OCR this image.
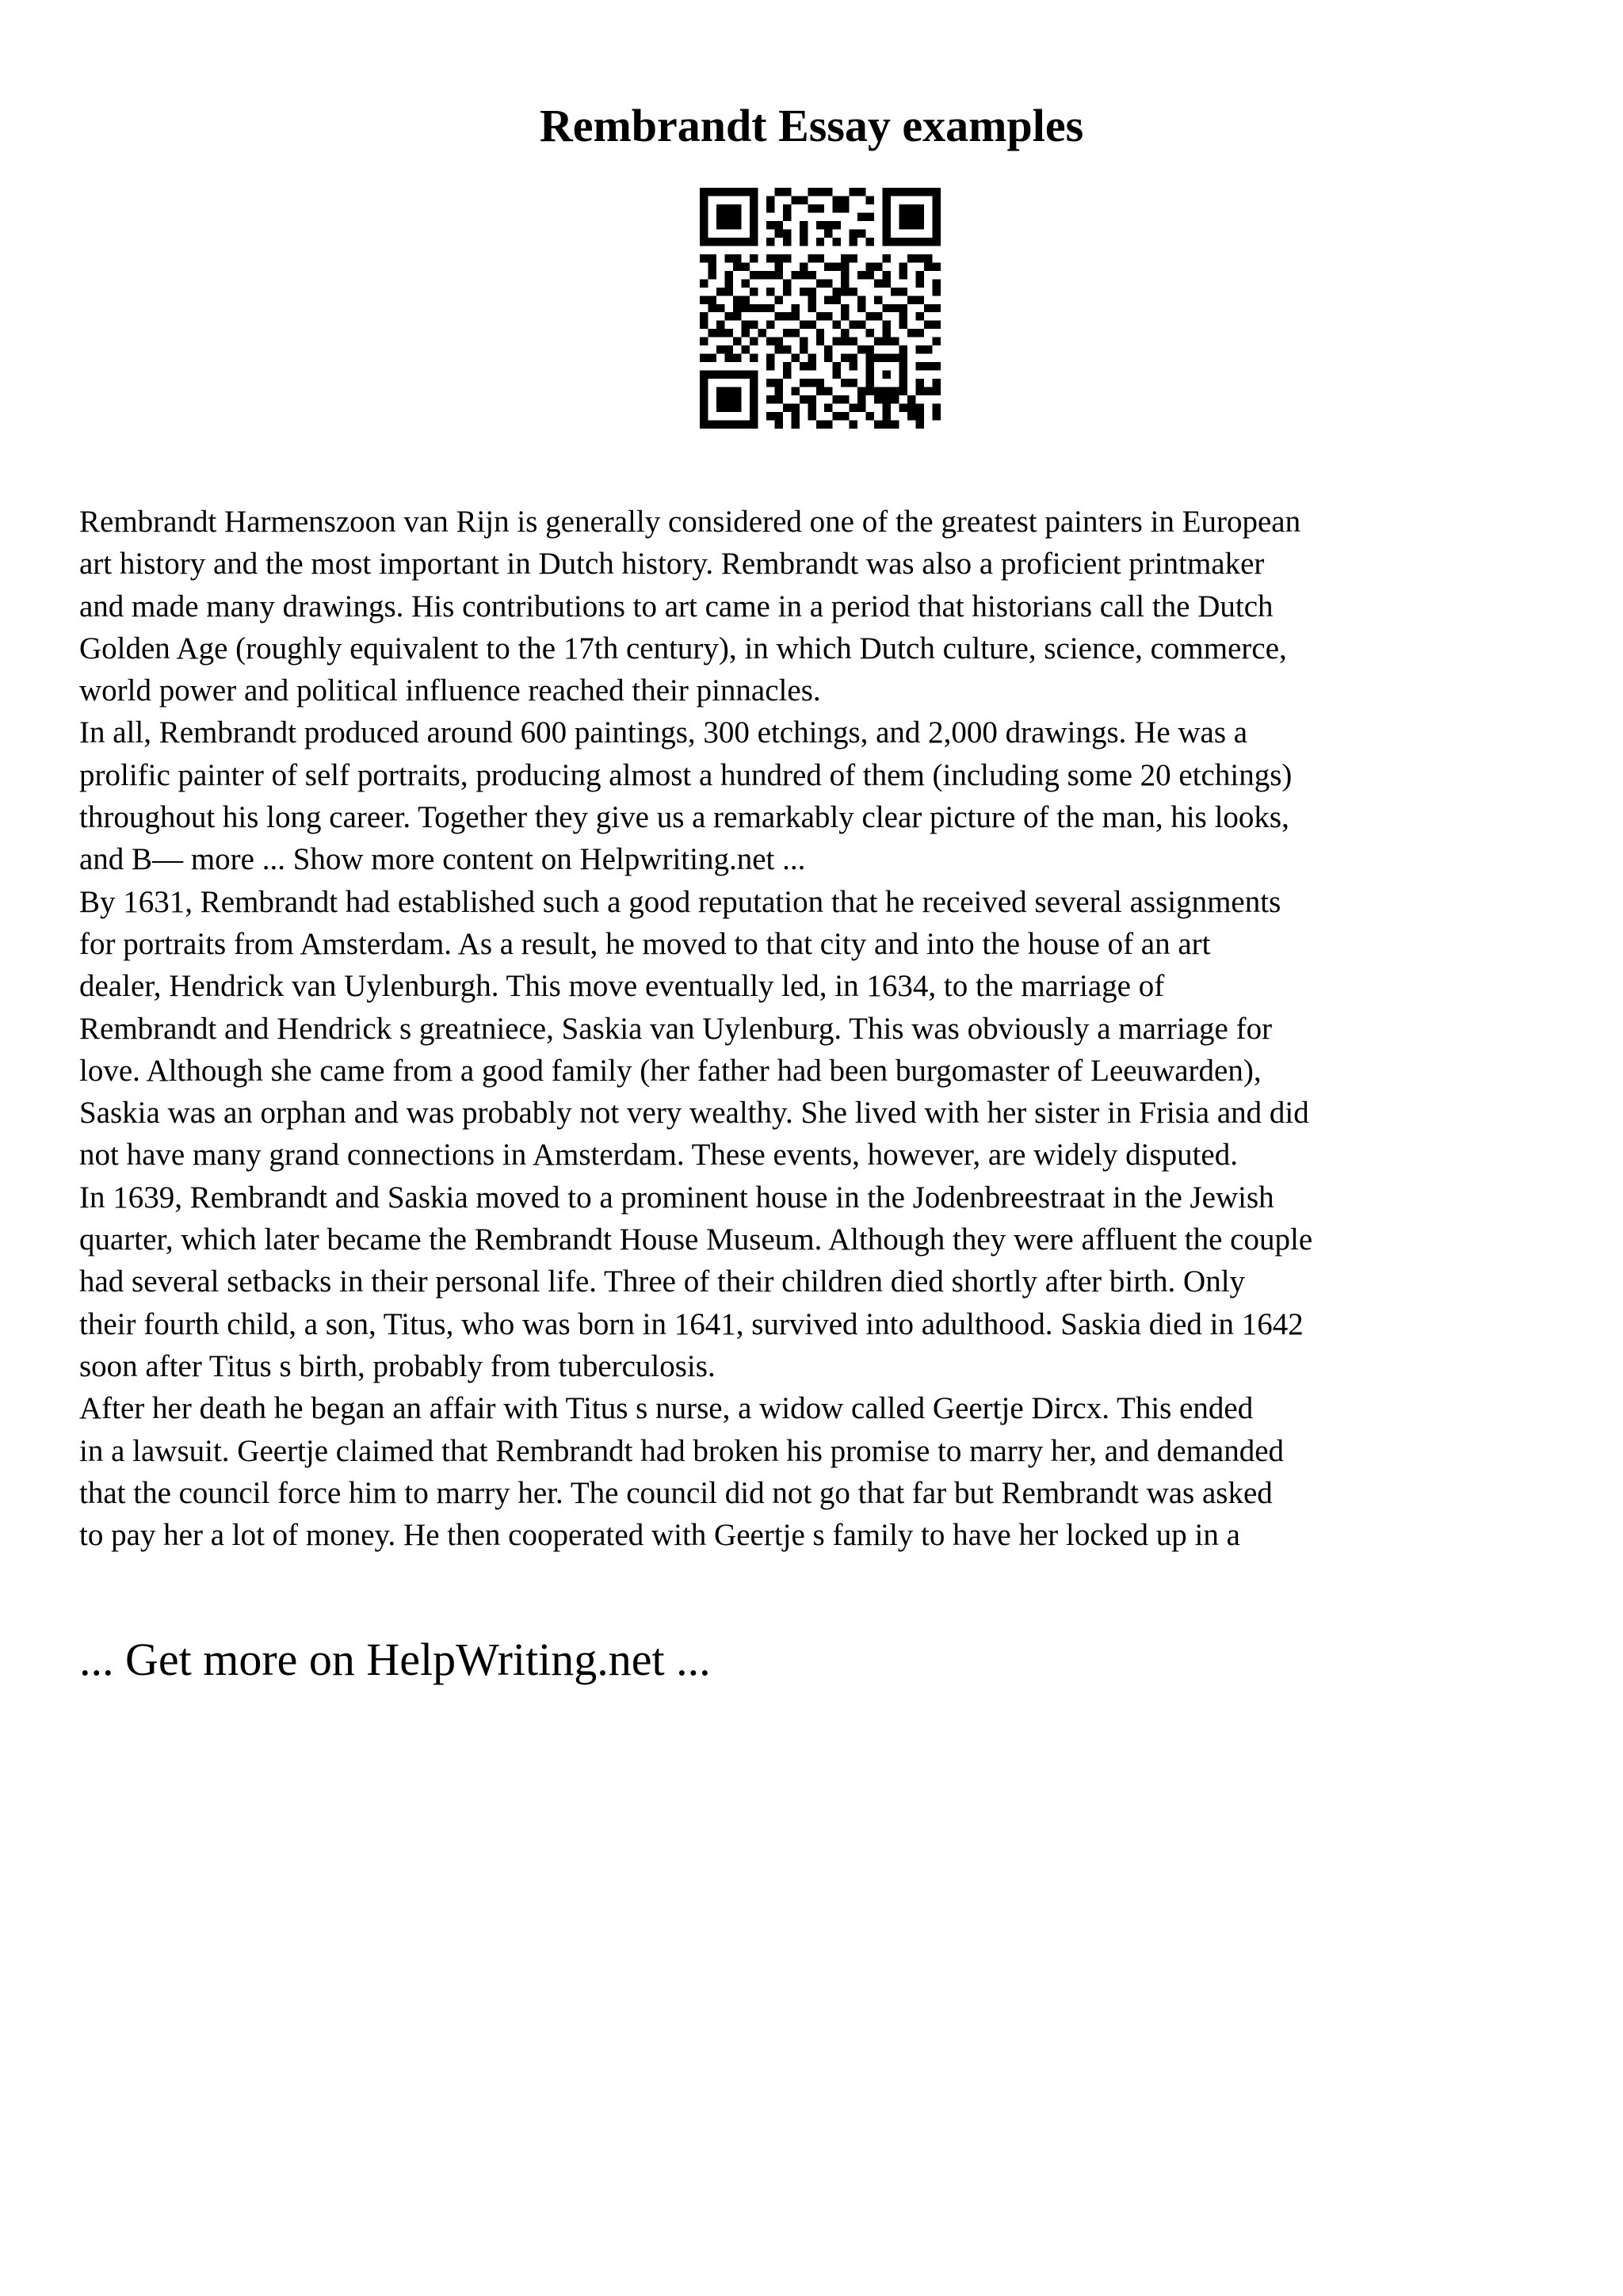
Rembrandt Essay examples

Rembrandt Harmenszoon van Rijn is generally considered one of the greatest painters in European

art history and the most important in Dutch history. Rembrandt was also a proficient printmaker

and made many drawings. His contributions to art came in a period that historians call the Dutch

Golden Age (roughly equivalent to the 17th century), in which Dutch culture, science, commerce,

world power and political influence reached their pinnacles.

In all, Rembrandt produced around 600 paintings, 300 etchings, and 2,000 drawings. He was a

prolific painter of self portraits, producing almost a hundred of them (including some 20 etchings)

throughout his long career. Together they give us a remarkably clear picture of the man, his looks,

and B— more ... Show more content on Helpwriting.net ...

By 1631, Rembrandt had established such a good reputation that he received several assignments

for portraits from Amsterdam. As a result, he moved to that city and into the house of an art

dealer, Hendrick van Uylenburgh. This move eventually led, in 1634, to the marriage of

Rembrandt and Hendrick s greatniece, Saskia van Uylenburg. This was obviously a marriage for

love. Although she came from a good family (her father had been burgomaster of Leeuwarden),

Saskia was an orphan and was probably not very wealthy. She lived with her sister in Frisia and did

not have many grand connections in Amsterdam. These events, however, are widely disputed.

In 1639, Rembrandt and Saskia moved to a prominent house in the Jodenbreestraat in the Jewish

quarter, which later became the Rembrandt House Museum. Although they were affluent the couple

had several setbacks in their personal life. Three of their children died shortly after birth. Only

their fourth child, a son, Titus, who was born in 1641, survived into adulthood. Saskia died in 1642

soon after Titus s birth, probably from tuberculosis.

After her death he began an affair with Titus s nurse, a widow called Geertje Dircx. This ended

in a lawsuit. Geertje claimed that Rembrandt had broken his promise to marry her, and demanded

that the council force him to marry her. The council did not go that far but Rembrandt was asked

to pay her a lot of money. He then cooperated with Geertje s family to have her locked up in a

... Get more on HelpWriting.net ...
